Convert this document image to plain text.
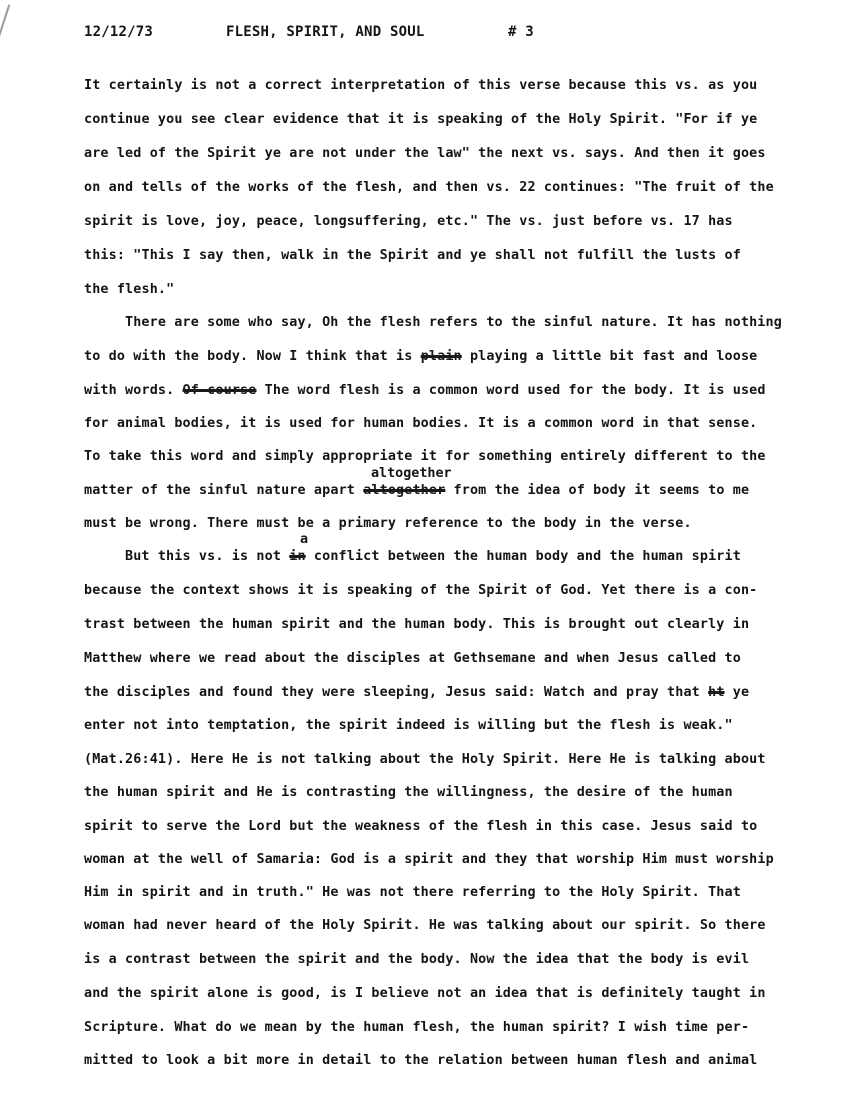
12/12/73	FLESH, SPIRIT, AND SOUL	# 3
It certainly is not a correct interpretation of this verse because this vs. as you
continue you see clear evidence that it is speaking of the Holy Spirit. "For if ye
are led of the Spirit ye are not under the law" the next vs. says. And then it goes
on and tells of the works of the flesh, and then vs. 22 continues: "The fruit of the
spirit is love, joy, peace, longsuffering, etc." The vs. just before vs. 17 has
this: "This I say then, walk in the Spirit and ye shall not fulfill the lusts of
the flesh."
There are some who say, Oh the flesh refers to the sinful nature. It has nothing
to do with the body. Now I think that is plain playing a little bit fast and loose
with words. Of course The word flesh is a common word used for the body. It is used
for animal bodies, it is used for human bodies. It is a common word in that sense.
To take this word and simply appropriate it for something entirely different to the
altogether
matter of the sinful nature apart altogether from the idea of body it seems to me
must be wrong. There must be a primary reference to the body in the verse.
a
But this vs. is not in conflict between the human body and the human spirit
because the context shows it is speaking of the Spirit of God. Yet there is a con-
trast between the human spirit and the human body. This is brought out clearly in
Matthew where we read about the disciples at Gethsemane and when Jesus called to
the disciples and found they were sleeping, Jesus said: Watch and pray that ht ye
enter not into temptation, the spirit indeed is willing but the flesh is weak."
(Mat.26:41). Here He is not talking about the Holy Spirit. Here He is talking about
the human spirit and He is contrasting the willingness, the desire of the human
spirit to serve the Lord but the weakness of the flesh in this case. Jesus said to
woman at the well of Samaria: God is a spirit and they that worship Him must worship
Him in spirit and in truth." He was not there referring to the Holy Spirit. That
woman had never heard of the Holy Spirit. He was talking about our spirit. So there
is a contrast between the spirit and the body. Now the idea that the body is evil
and the spirit alone is good, is I believe not an idea that is definitely taught in
Scripture. What do we mean by the human flesh, the human spirit? I wish time per-
mitted to look a bit more in detail to the relation between human flesh and animal
